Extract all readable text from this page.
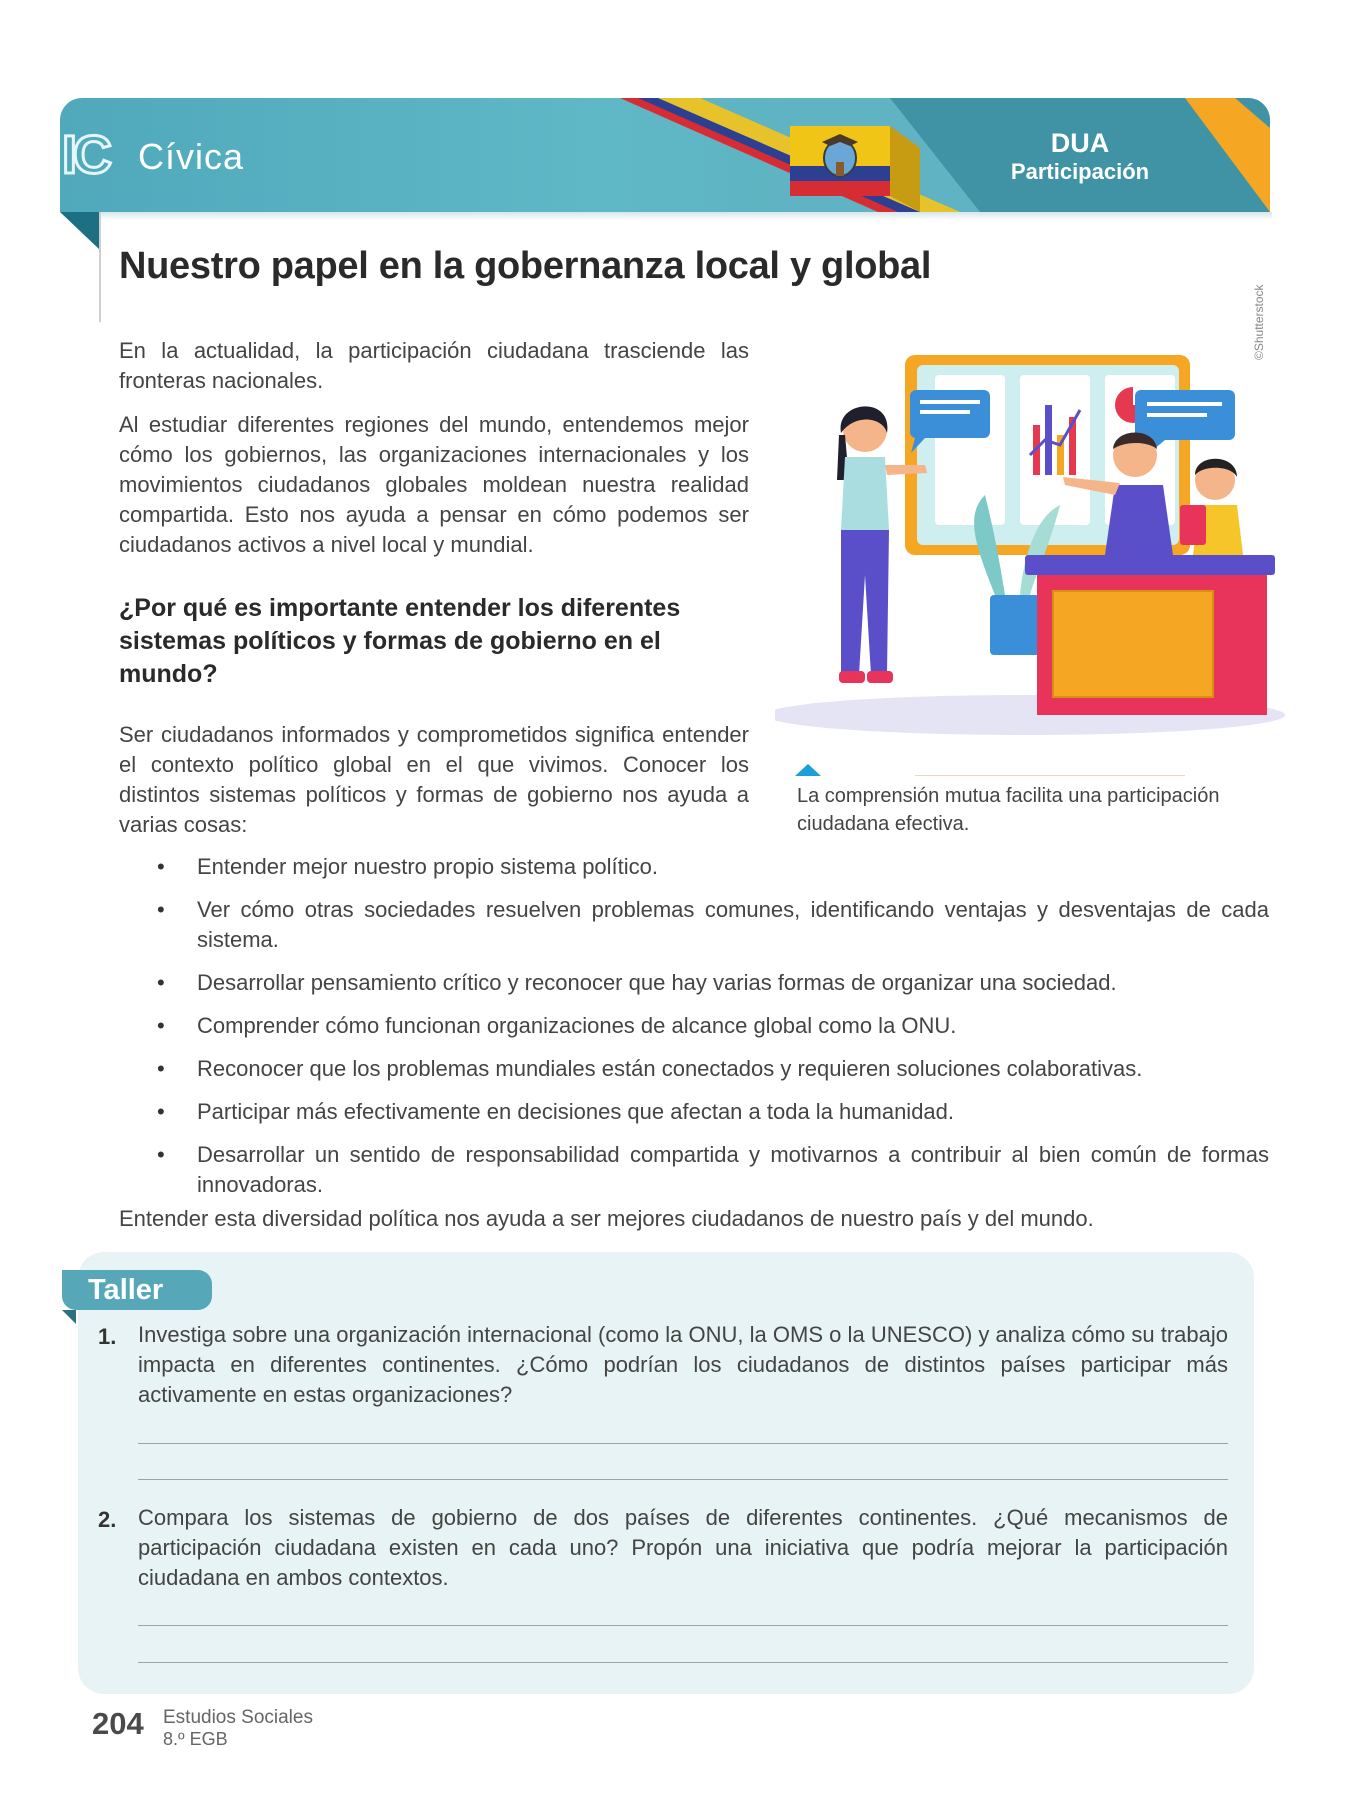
IC Cívica	DUA
Participación
Nuestro papel en la gobernanza local y global

En la actualidad, la participación ciudadana trasciende las fronteras nacionales.

Al estudiar diferentes regiones del mundo, entendemos mejor cómo los gobiernos, las organizaciones internacionales y los movimientos ciudadanos globales moldean nuestra realidad compartida. Esto nos ayuda a pensar en cómo podemos ser ciudadanos activos a nivel local y mundial.

¿Por qué es importante entender los diferentes sistemas políticos y formas de gobierno en el mundo?

Ser ciudadanos informados y comprometidos significa entender el contexto político global en el que vivimos. Conocer los distintos sistemas políticos y formas de gobierno nos ayuda a varias cosas:

©Shutterstock
La comprensión mutua facilita una participación ciudadana efectiva.
• Entender mejor nuestro propio sistema político.
• Ver cómo otras sociedades resuelven problemas comunes, identificando ventajas y desventajas de cada sistema.
• Desarrollar pensamiento crítico y reconocer que hay varias formas de organizar una sociedad.
• Comprender cómo funcionan organizaciones de alcance global como la ONU.
• Reconocer que los problemas mundiales están conectados y requieren soluciones colaborativas.
• Participar más efectivamente en decisiones que afectan a toda la humanidad.
• Desarrollar un sentido de responsabilidad compartida y motivarnos a contribuir al bien común de formas innovadoras.
Entender esta diversidad política nos ayuda a ser mejores ciudadanos de nuestro país y del mundo.
Taller
1. Investiga sobre una organización internacional (como la ONU, la OMS o la UNESCO) y analiza cómo su trabajo impacta en diferentes continentes. ¿Cómo podrían los ciudadanos de distintos países participar más activamente en estas organizaciones?
2. Compara los sistemas de gobierno de dos países de diferentes continentes. ¿Qué mecanismos de participación ciudadana existen en cada uno? Propón una iniciativa que podría mejorar la participación ciudadana en ambos contextos.
204 Estudios Sociales
8.º EGB
